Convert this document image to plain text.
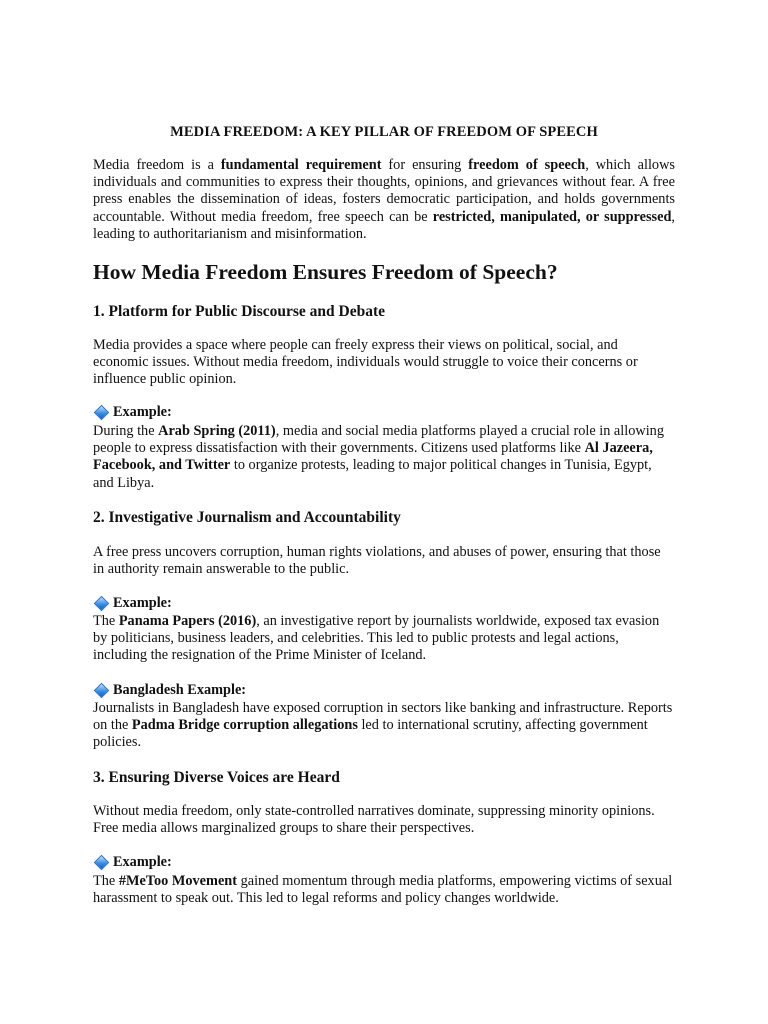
MEDIA FREEDOM: A KEY PILLAR OF FREEDOM OF SPEECH

Media freedom is a fundamental requirement for ensuring freedom of speech, which allows individuals and communities to express their thoughts, opinions, and grievances without fear. A free press enables the dissemination of ideas, fosters democratic participation, and holds governments accountable. Without media freedom, free speech can be restricted, manipulated, or suppressed, leading to authoritarianism and misinformation.

How Media Freedom Ensures Freedom of Speech?
1. Platform for Public Discourse and Debate

Media provides a space where people can freely express their views on political, social, and economic issues. Without media freedom, individuals would struggle to voice their concerns or influence public opinion.

Example:

During the Arab Spring (2011), media and social media platforms played a crucial role in allowing people to express dissatisfaction with their governments. Citizens used platforms like Al Jazeera, Facebook, and Twitter to organize protests, leading to major political changes in Tunisia, Egypt, and Libya.

2. Investigative Journalism and Accountability

A free press uncovers corruption, human rights violations, and abuses of power, ensuring that those in authority remain answerable to the public.

Example:

The Panama Papers (2016), an investigative report by journalists worldwide, exposed tax evasion by politicians, business leaders, and celebrities. This led to public protests and legal actions, including the resignation of the Prime Minister of Iceland.

Bangladesh Example:

Journalists in Bangladesh have exposed corruption in sectors like banking and infrastructure. Reports on the Padma Bridge corruption allegations led to international scrutiny, affecting government policies.

3. Ensuring Diverse Voices are Heard

Without media freedom, only state-controlled narratives dominate, suppressing minority opinions. Free media allows marginalized groups to share their perspectives.

Example:

The #MeToo Movement gained momentum through media platforms, empowering victims of sexual harassment to speak out. This led to legal reforms and policy changes worldwide.
